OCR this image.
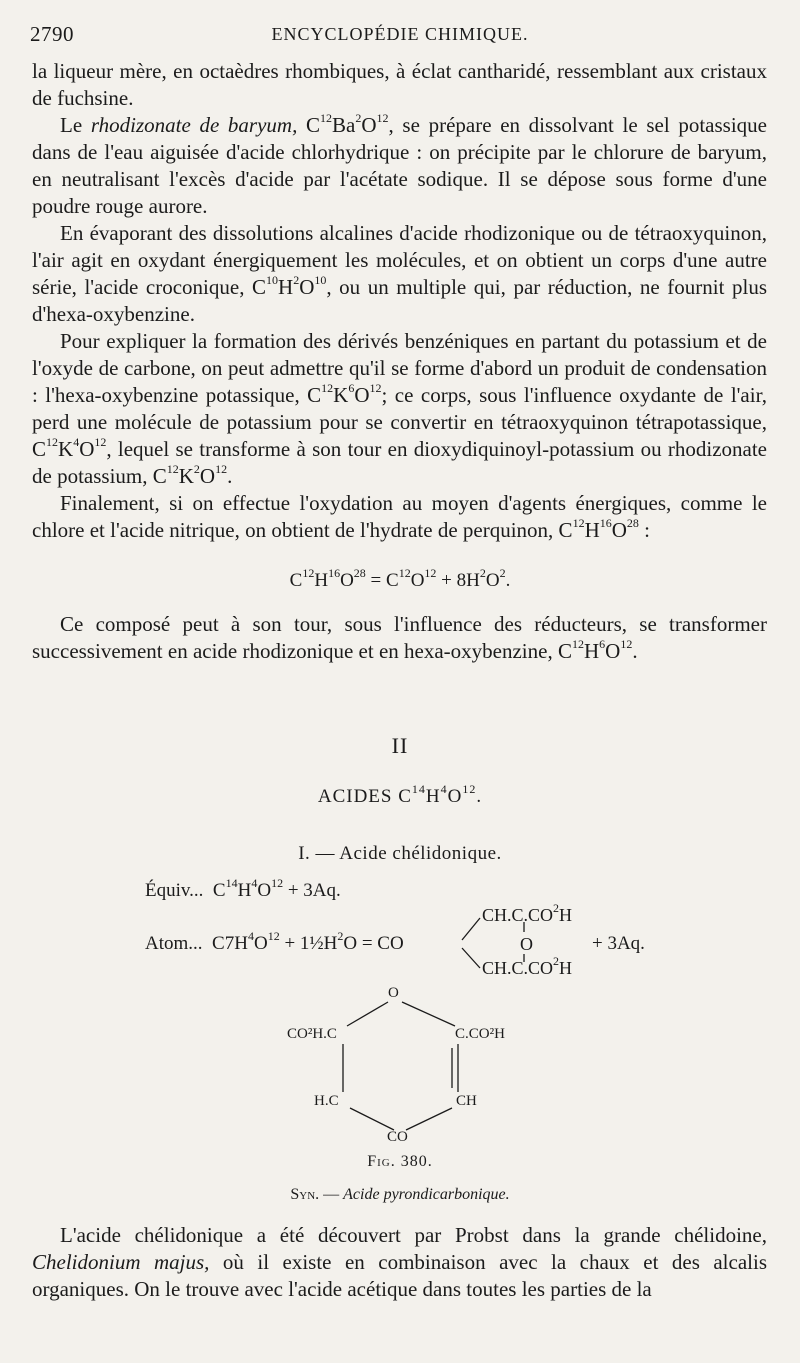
2790	ENCYCLOPÉDIE CHIMIQUE.

la liqueur mère, en octaèdres rhombiques, à éclat cantharidé, ressemblant aux cristaux de fuchsine.

Le rhodizonate de baryum, $C^{12}Ba^2O^{12}$, se prépare en dissolvant le sel potassique dans de l'eau aiguisée d'acide chlorhydrique : on précipite par le chlorure de baryum, en neutralisant l'excès d'acide par l'acétate sodique. Il se dépose sous forme d'une poudre rouge aurore.

En évaporant des dissolutions alcalines d'acide rhodizonique ou de tétraoxyquinon, l'air agit en oxydant énergiquement les molécules, et on obtient un corps d'une autre série, l'acide croconique, $C^{10}H^2O^{10}$, ou un multiple qui, par réduction, ne fournit plus d'hexa-oxybenzine.

Pour expliquer la formation des dérivés benzéniques en partant du potassium et de l'oxyde de carbone, on peut admettre qu'il se forme d'abord un produit de condensation : l'hexa-oxybenzine potassique, $C^{12}K^6O^{12}$; ce corps, sous l'influence oxydante de l'air, perd une molécule de potassium pour se convertir en tétraoxyquinon tétrapotassique, $C^{12}K^4O^{12}$, lequel se transforme à son tour en dioxydiquinoyl-potassium ou rhodizonate de potassium, $C^{12}K^2O^{12}$.

Finalement, si on effectue l'oxydation au moyen d'agents énergiques, comme le chlore et l'acide nitrique, on obtient de l'hydrate de perquinon, $C^{12}H^{16}O^{28}$ :

$C^{12}H^{16}O^{28} = C^{12}O^{12} + 8H^2O^2$.

Ce composé peut à son tour, sous l'influence des réducteurs, se transformer successivement en acide rhodizonique et en hexa-oxybenzine, $C^{12}H^6O^{12}$.

II
ACIDES $C^{14}H^4O^{12}$.
I. — Acide chélidonique.
Équiv... $C^{14}H^4O^{12} + 3Aq$.
Atom... $C7H^4O^{12}$ + $1\frac{1}{2}H^2O$ = CO
$CH.C.CO^2H$
O
$CH.C.CO^2H$
+ 3Aq.
O
CO²H.C	C.CO²H
H.C	CH
CO
Fig. 380.
Syn. — Acide pyrondicarbonique.

L'acide chélidonique a été découvert par Probst dans la grande chélidoine, Chelidonium majus, où il existe en combinaison avec la chaux et des alcalis organiques. On le trouve avec l'acide acétique dans toutes les parties de la
